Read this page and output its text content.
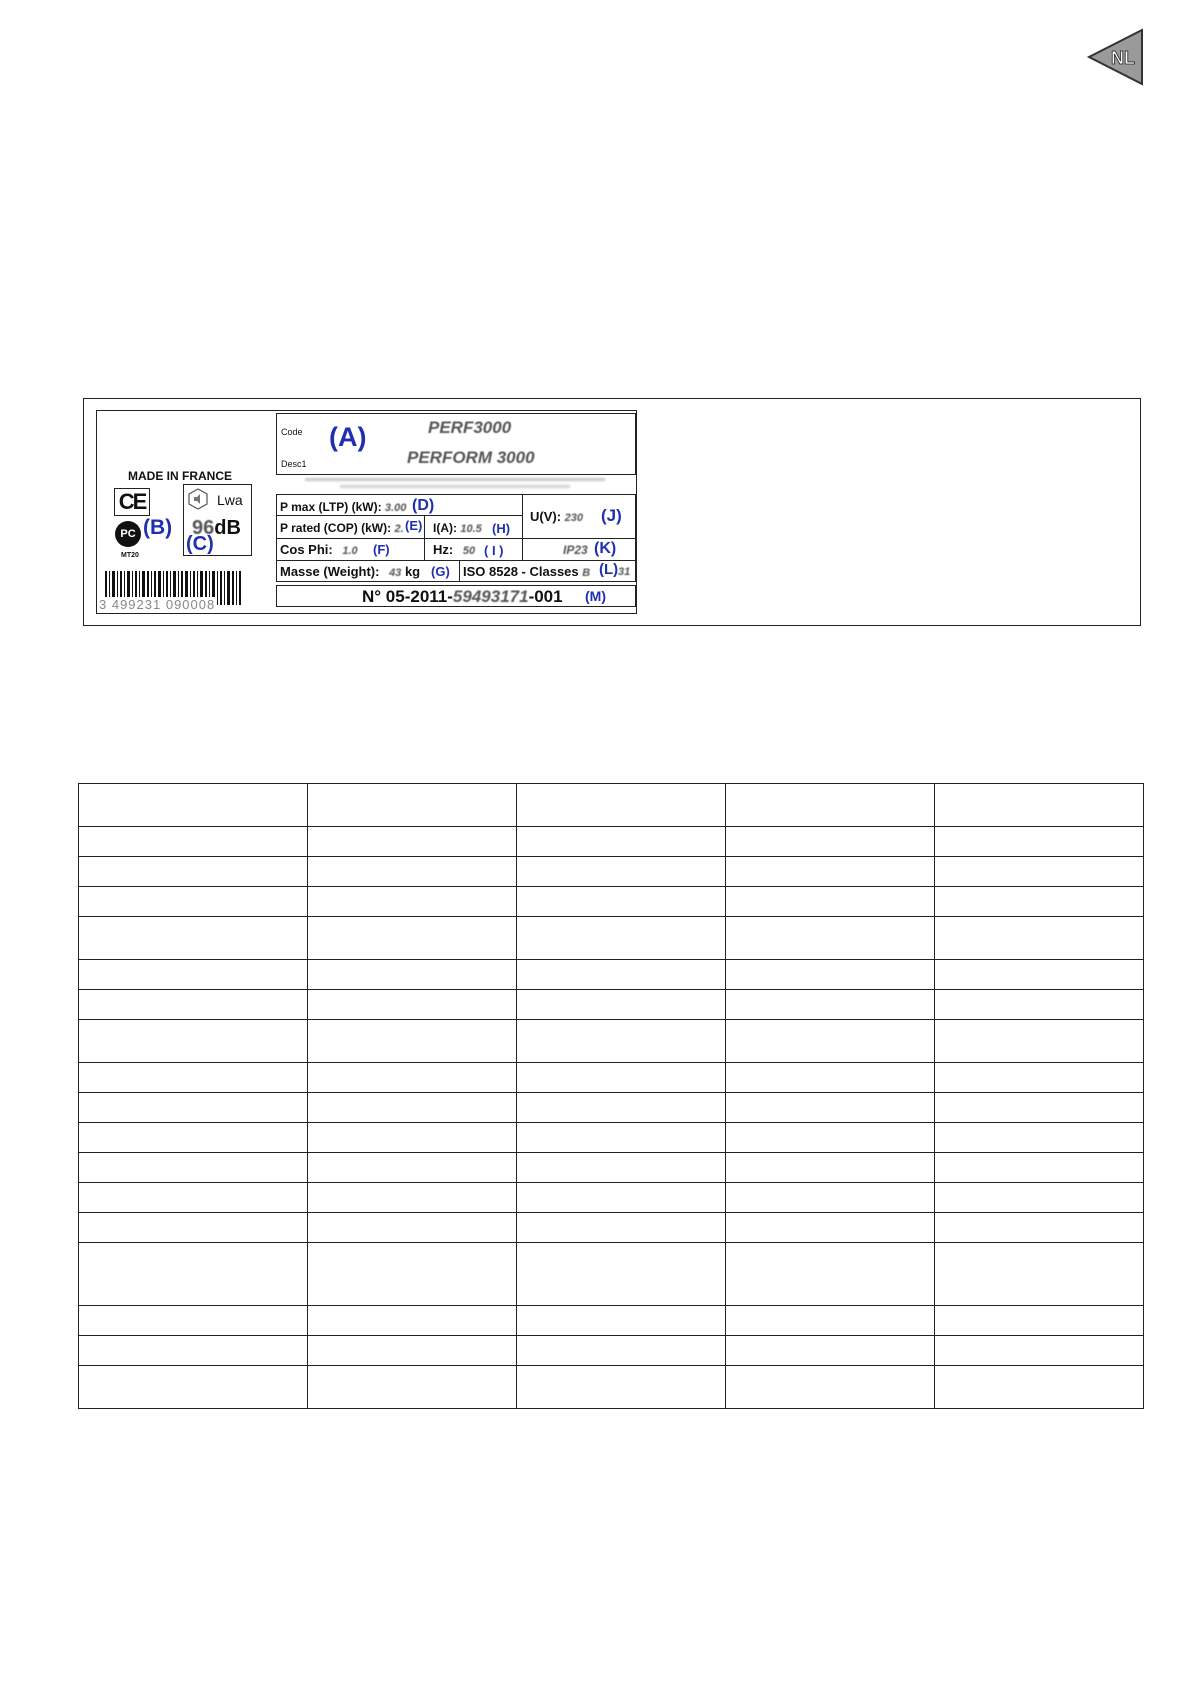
NL
MADE IN FRANCE
CE
PC
MT20
(B)
Lwa
96dB
(C)
3 499231 090008
Code
Desc1
(A)	PERF3000
PERFORM 3000
P max (LTP) (kW): 3.00 (D)
P rated (COP) (kW): 2. (E) I(A): 10.5 (H)
U(V): 230 (J)
Cos Phi: 1.0 (F)	Hz: 50 ( I )	IP23 (K)
Masse (Weight): 43 kg (G) ISO 8528 - Classes B (L) 31
N° 05-2011-59493171-001 (M)
